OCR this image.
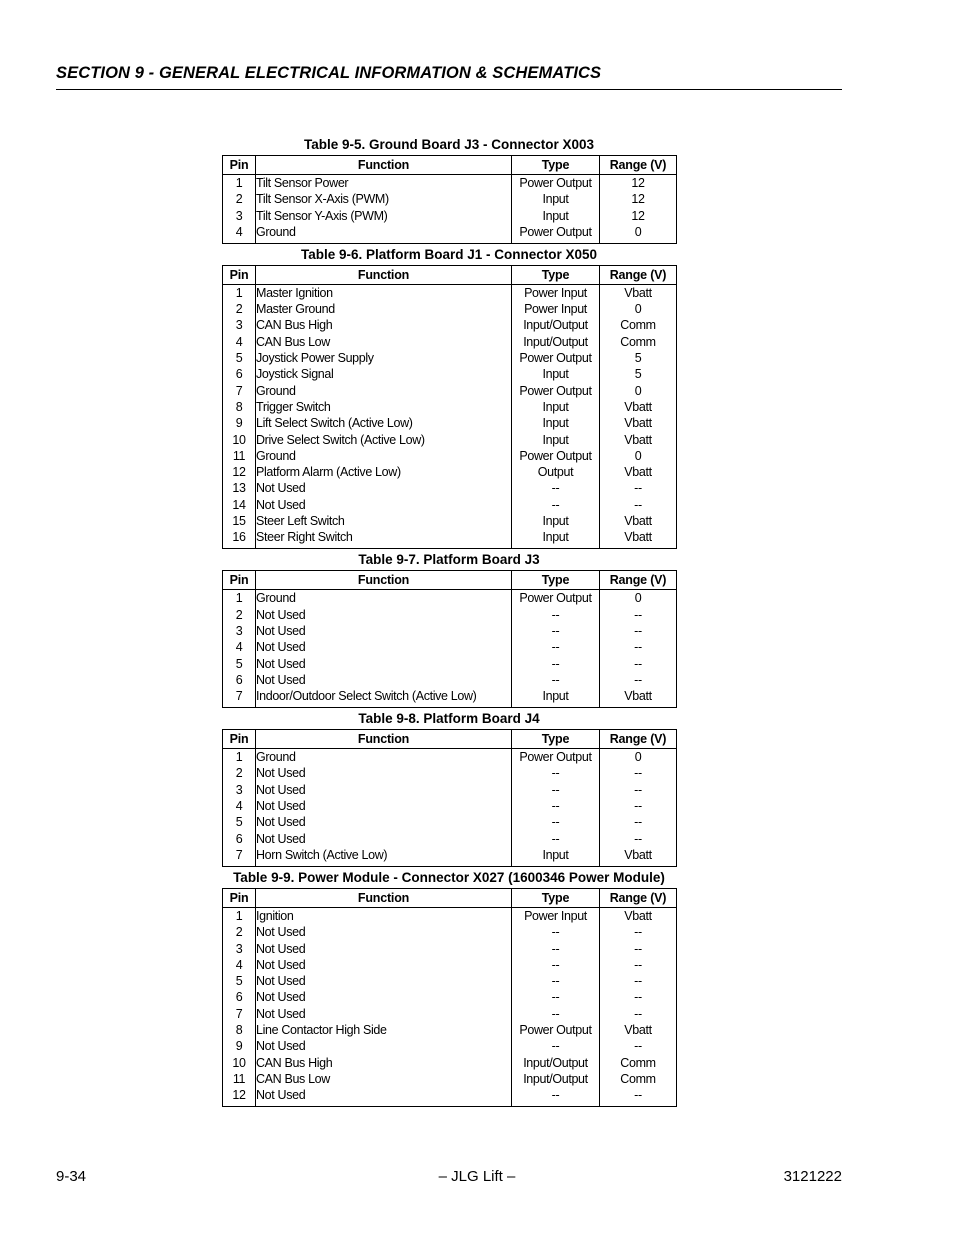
SECTION 9 - GENERAL ELECTRICAL INFORMATION & SCHEMATICS
Table 9-5. Ground Board J3 - Connector X003
Pin	Function	Type	Range (V)
1	Tilt Sensor Power	Power Output	12
2	Tilt Sensor X-Axis (PWM)	Input	12
3	Tilt Sensor Y-Axis (PWM)	Input	12
4	Ground	Power Output	0
Table 9-6. Platform Board J1 - Connector X050
Pin	Function	Type	Range (V)
1	Master Ignition	Power Input	Vbatt
2	Master Ground	Power Input	0
3	CAN Bus High	Input/Output	Comm
4	CAN Bus Low	Input/Output	Comm
5	Joystick Power Supply	Power Output	5
6	Joystick Signal	Input	5
7	Ground	Power Output	0
8	Trigger Switch	Input	Vbatt
9	Lift Select Switch (Active Low)	Input	Vbatt
10	Drive Select Switch (Active Low)	Input	Vbatt
11	Ground	Power Output	0
12	Platform Alarm (Active Low)	Output	Vbatt
13	Not Used	--	--
14	Not Used	--	--
15	Steer Left Switch	Input	Vbatt
16	Steer Right Switch	Input	Vbatt
Table 9-7. Platform Board J3
Pin	Function	Type	Range (V)
1	Ground	Power Output	0
2	Not Used	--	--
3	Not Used	--	--
4	Not Used	--	--
5	Not Used	--	--
6	Not Used	--	--
7	Indoor/Outdoor Select Switch (Active Low)	Input	Vbatt
Table 9-8. Platform Board J4
Pin	Function	Type	Range (V)
1	Ground	Power Output	0
2	Not Used	--	--
3	Not Used	--	--
4	Not Used	--	--
5	Not Used	--	--
6	Not Used	--	--
7	Horn Switch (Active Low)	Input	Vbatt
Table 9-9. Power Module - Connector X027 (1600346 Power Module)
Pin	Function	Type	Range (V)
1	Ignition	Power Input	Vbatt
2	Not Used	--	--
3	Not Used	--	--
4	Not Used	--	--
5	Not Used	--	--
6	Not Used	--	--
7	Not Used	--	--
8	Line Contactor High Side	Power Output	Vbatt
9	Not Used	--	--
10	CAN Bus High	Input/Output	Comm
11	CAN Bus Low	Input/Output	Comm
12	Not Used	--	--
9-34	– JLG Lift –	3121222
